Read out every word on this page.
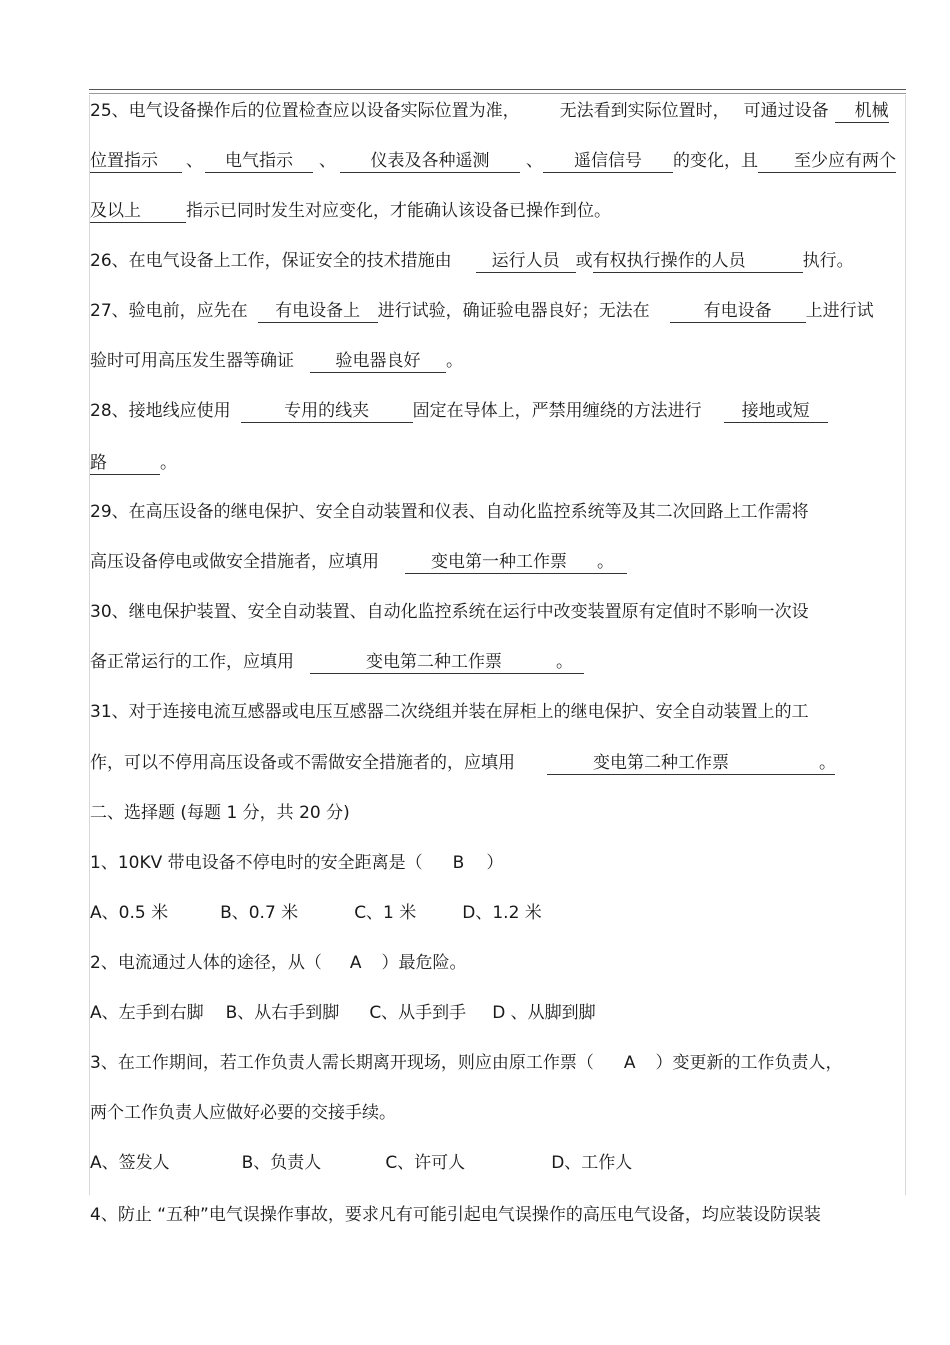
25、电气设备操作后的位置检查应以设备实际位置为准， 无法看到实际位置时， 可通过设备 机械
位置指示 、 电气指示 、 仪表及各种遥测 、 遥信信号 的变化，且 至少应有两个
及以上	指示已同时发生对应变化，才能确认该设备已操作到位。
26、在电气设备上工作，保证安全的技术措施由 运行人员 或有权执行操作的人员	执行。
27、验电前，应先在 有电设备上 进行试验，确证验电器良好；无法在	有电设备 上进行试
验时可用高压发生器等确证 验电器良好 。
28、接地线应使用	专用的线夹	固定在导体上，严禁用缠绕的方法进行 接地或短
路	。
29、在高压设备的继电保护、安全自动装置和仪表、自动化监控系统等及其二次回路上工作需将
高压设备停电或做安全措施者，应填用	变电第一种工作票 。
30、继电保护装置、安全自动装置、自动化监控系统在运行中改变装置原有定值时不影响一次设
备正常运行的工作，应填用	变电第二种工作票	。
31、对于连接电流互感器或电压互感器二次绕组并装在屏柜上的继电保护、安全自动装置上的工
作，可以不停用高压设备或不需做安全措施者的，应填用	变电第二种工作票	。
二、选择题 (每题 1 分，共 20 分)
1、10KV 带电设备不停电时的安全距离是（ B ）
A、0.5 米	B、0.7 米	C、1 米	D、1.2 米
2、电流通过人体的途径，从（ A ）最危险。
A、左手到右脚 B、从右手到脚 C、从手到手 D 、从脚到脚
3、在工作期间，若工作负责人需长期离开现场，则应由原工作票（ A ）变更新的工作负责人，
两个工作负责人应做好必要的交接手续。
A、签发人	B、负责人	C、许可人	D、工作人
4、防止 “五种”电气误操作事故，要求凡有可能引起电气误操作的高压电气设备，均应装设防误装
